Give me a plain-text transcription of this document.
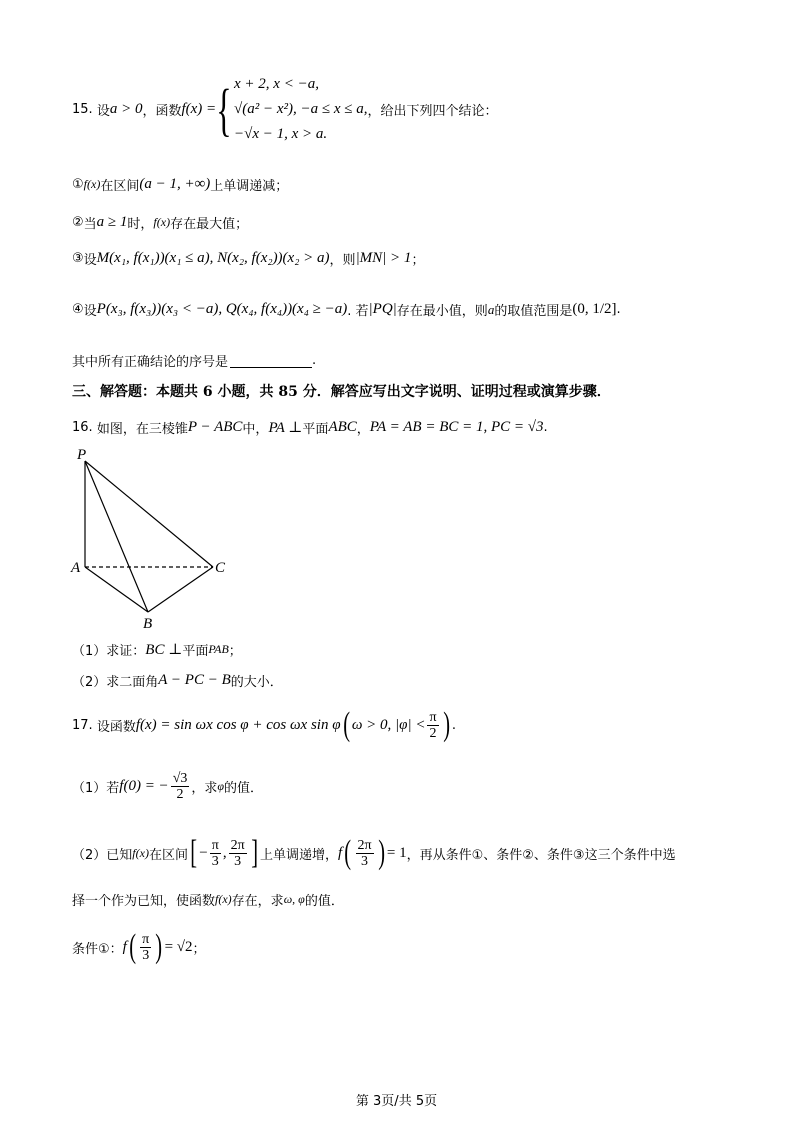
15.
设 a > 0 ，函数 f(x) = { x + 2, x < −a,
√(a² − x²), −a ≤ x ≤ a,
−√x − 1, x > a.
，给出下列四个结论：
① f(x) 在区间 (a − 1, +∞) 上单调递减；
② 当 a ≥ 1 时， f(x) 存在最大值；
③ 设 M(x₁, f(x₁))(x₁ ≤ a), N(x₂, f(x₂))(x₂ > a) ，则 |MN| > 1 ；
④ 设 P(x₃, f(x₃))(x₃ < −a), Q(x₄, f(x₄))(x₄ ≥ −a) . 若 |PQ| 存在最小值，则 a 的取值范围是 (0, 1/2] .
其中所有正确结论的序号是	.
三、解答题：本题共 6 小题，共 85 分．解答应写出文字说明、证明过程或演算步骤．
16.
如图，在三棱锥 P − ABC 中， PA ⊥ 平面 ABC ， PA = AB = BC = 1, PC = √3 .
P
A	C
B
（1）求证： BC ⊥ 平面 PAB ；
（2）求二面角 A − PC − B 的大小．
17.
设函数 f(x) = sin ωx cos φ + cos ωx sin φ ( ω > 0, $|\varphi| < \frac{\pi}{2}$ ) .
（1）若 f(0) = − $\frac{√3}{2}$ ，求 φ 的值．
（2）已知 f(x) 在区间 [ − $\frac{\pi}{3}$ , $\frac{2\pi}{3}$ ] 上单调递增， f ( $\frac{2\pi}{3}$ ) = 1 ，再从条件①、条件②、条件③这三个条件中选
择一个作为已知，使函数 f(x) 存在，求 ω, φ 的值．
条件①： f ( $\frac{\pi}{3}$ ) = √2 ；
第 3页/共 5页
